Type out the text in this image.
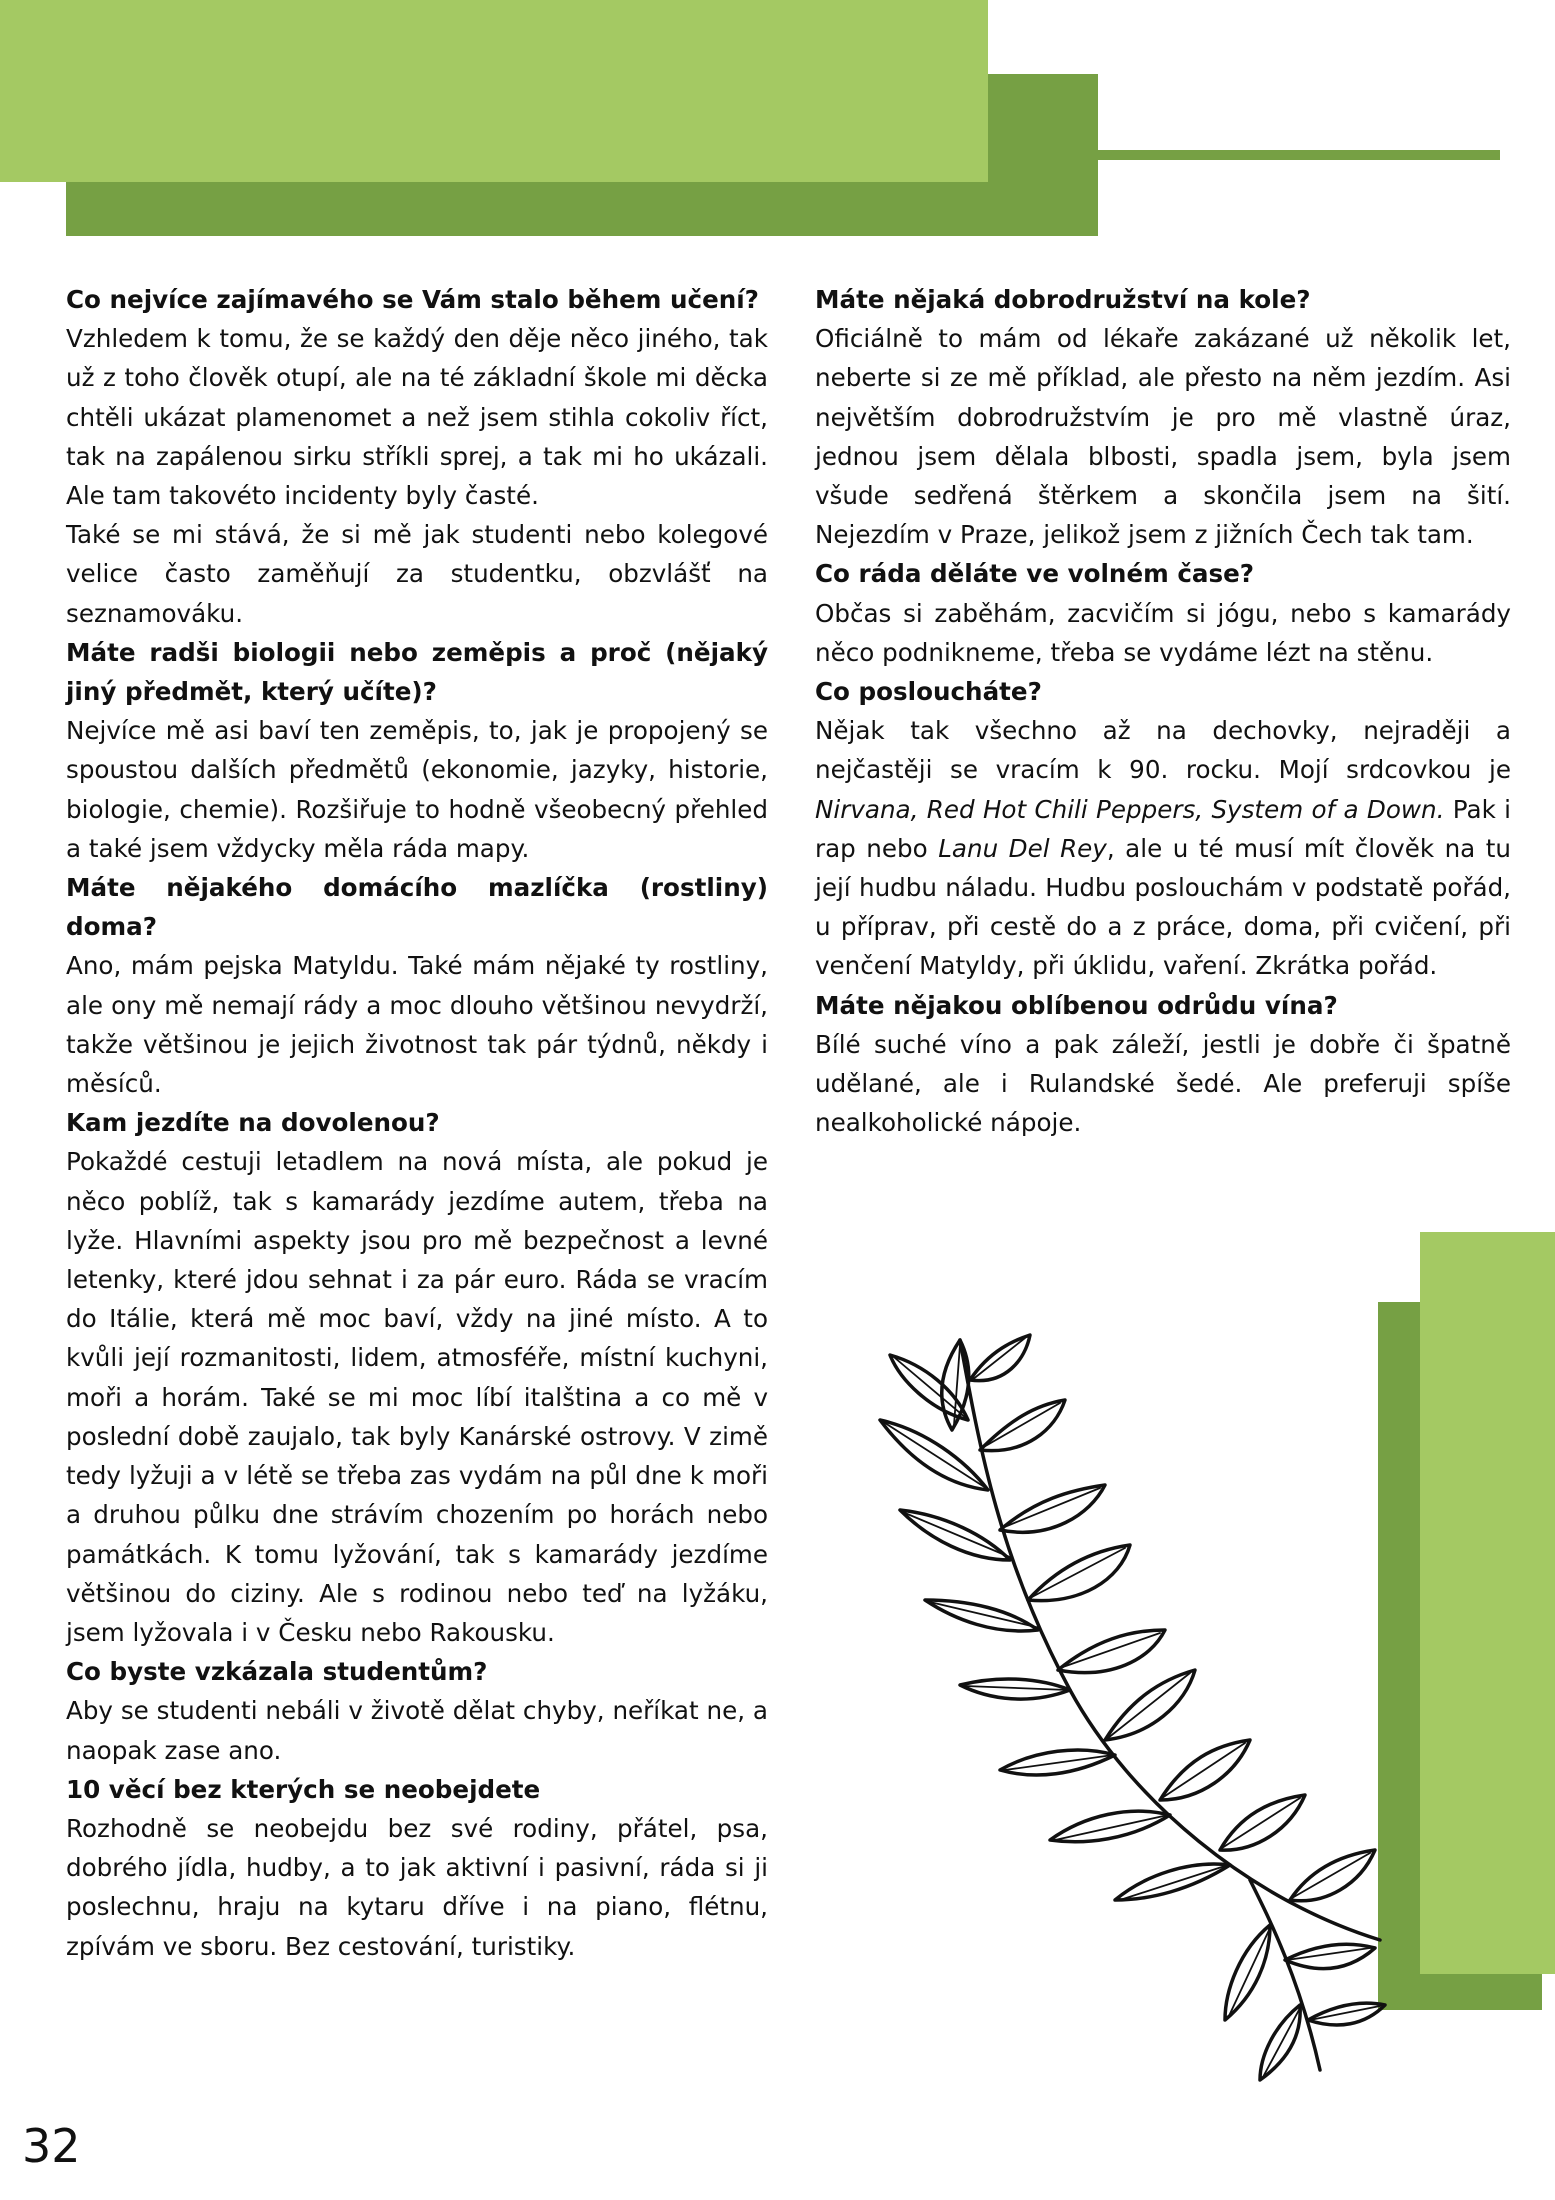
Co nejvíce zajímavého se Vám stalo během učení?

Vzhledem k tomu, že se každý den děje něco jiného, tak už z toho člověk otupí, ale na té základní škole mi děcka chtěli ukázat plamenomet a než jsem stihla cokoliv říct, tak na zapálenou sirku stříkli sprej, a tak mi ho ukázali. Ale tam takovéto incidenty byly časté.

Také se mi stává, že si mě jak studenti nebo kolegové velice často zaměňují za studentku, obzvlášť na seznamováku.

Máte radši biologii nebo zeměpis a proč (nějaký jiný předmět, který učíte)?

Nejvíce mě asi baví ten zeměpis, to, jak je propojený se spoustou dalších předmětů (ekonomie, jazyky, historie, biologie, chemie). Rozšiřuje to hodně všeobecný přehled a také jsem vždycky měla ráda mapy.

Máte nějakého domácího mazlíčka (rostliny) doma?

Ano, mám pejska Matyldu. Také mám nějaké ty rostliny, ale ony mě nemají rády a moc dlouho většinou nevydrží, takže většinou je jejich životnost tak pár týdnů, někdy i měsíců.

Kam jezdíte na dovolenou?

Pokaždé cestuji letadlem na nová místa, ale pokud je něco poblíž, tak s kamarády jezdíme autem, třeba na lyže. Hlavními aspekty jsou pro mě bezpečnost a levné letenky, které jdou sehnat i za pár euro. Ráda se vracím do Itálie, která mě moc baví, vždy na jiné místo. A to kvůli její rozmanitosti, lidem, atmosféře, místní kuchyni, moři a horám. Také se mi moc líbí italština a co mě v poslední době zaujalo, tak byly Kanárské ostrovy. V zimě tedy lyžuji a v létě se třeba zas vydám na půl dne k moři a druhou půlku dne strávím chozením po horách nebo památkách. K tomu lyžování, tak s kamarády jezdíme většinou do ciziny. Ale s rodinou nebo teď na lyžáku, jsem lyžovala i v Česku nebo Rakousku.

Co byste vzkázala studentům?

Aby se studenti nebáli v životě dělat chyby, neříkat ne, a naopak zase ano.

10 věcí bez kterých se neobejdete

Rozhodně se neobejdu bez své rodiny, přátel, psa, dobrého jídla, hudby, a to jak aktivní i pasivní, ráda si ji poslechnu, hraju na kytaru dříve i na piano, flétnu, zpívám ve sboru. Bez cestování, turistiky.

Máte nějaká dobrodružství na kole?

Oficiálně to mám od lékaře zakázané už několik let, neberte si ze mě příklad, ale přesto na něm jezdím. Asi největším dobrodružstvím je pro mě vlastně úraz, jednou jsem dělala blbosti, spadla jsem, byla jsem všude sedřená štěrkem a skončila jsem na šití. Nejezdím v Praze, jelikož jsem z jižních Čech tak tam.

Co ráda děláte ve volném čase?

Občas si zaběhám, zacvičím si jógu, nebo s kamarády něco podnikneme, třeba se vydáme lézt na stěnu.

Co posloucháte?

Nějak tak všechno až na dechovky, nejraději a nejčastěji se vracím k 90. rocku. Mojí srdcovkou je Nirvana, Red Hot Chili Peppers, System of a Down. Pak i rap nebo Lanu Del Rey, ale u té musí mít člověk na tu její hudbu náladu. Hudbu poslouchám v podstatě pořád, u příprav, při cestě do a z práce, doma, při cvičení, při venčení Matyldy, při úklidu, vaření. Zkrátka pořád.

Máte nějakou oblíbenou odrůdu vína?

Bílé suché víno a pak záleží, jestli je dobře či špatně udělané, ale i Rulandské šedé. Ale preferuji spíše nealkoholické nápoje.

32
